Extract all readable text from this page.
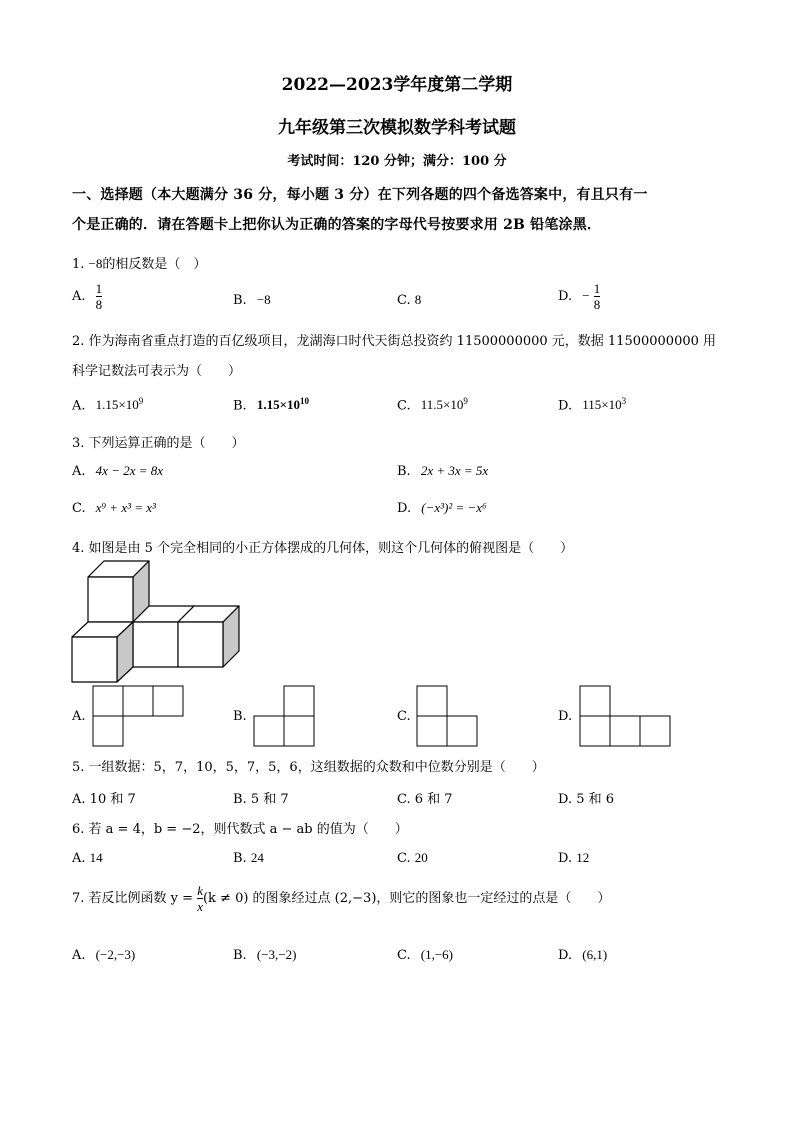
2022—2023学年度第二学期
九年级第三次模拟数学科考试题
考试时间：120 分钟；满分：100 分
一、选择题（本大题满分 36 分，每小题 3 分）在下列各题的四个备选答案中，有且只有一
个是正确的．请在答题卡上把你认为正确的答案的字母代号按要求用 2B 铅笔涂黑．
1. −8的相反数是（　）
A. $\frac{1}{8}$	B. −8	C. 8	D. − $\frac{1}{8}$
2. 作为海南省重点打造的百亿级项目，龙湖海口时代天街总投资约 11500000000 元，数据 11500000000 用
科学记数法可表示为（　　）
A. $1.15\times 10^9$	B. $1.15\times 10^{10}$	C. $11.5\times 10^9$	D. $115\times 10^3$
3. 下列运算正确的是（　　）
A. 4x − 2x = 8x	B. 2x + 3x = 5x
C. x⁹ + x³ = x³	D. (−x³)² = −x⁶
4. 如图是由 5 个完全相同的小正方体摆成的几何体，则这个几何体的俯视图是（　　）
A.	B.	C.	D.
5. 一组数据：5，7，10，5，7，5，6，这组数据的众数和中位数分别是（　　）
A. 10 和 7	B. 5 和 7	C. 6 和 7	D. 5 和 6
6. 若 a = 4，b = −2，则代数式 a − ab 的值为（　　）
A. 14	B. 24	C. 20	D. 12
7. 若反比例函数 $y = \frac{k}{x} (k \ne 0)$ 的图象经过点 (2,−3)，则它的图象也一定经过的点是（　　）
A. (−2,−3)	B. (−3,−2)	C. (1,−6)	D. (6,1)
